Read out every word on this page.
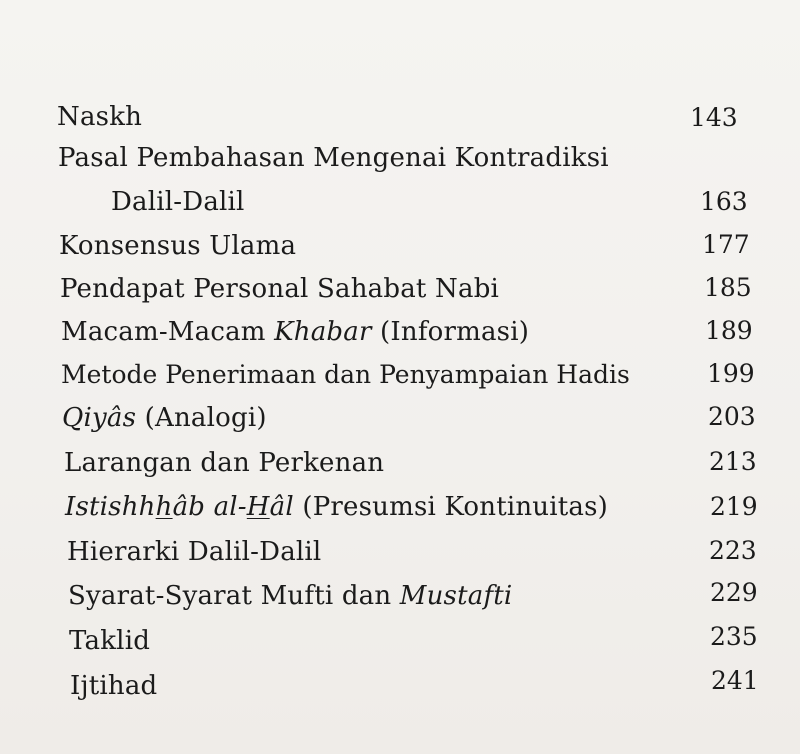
Naskh	143
Pasal Pembahasan Mengenai Kontradiksi
Dalil-Dalil	163
Konsensus Ulama	177
Pendapat Personal Sahabat Nabi	185
Macam-Macam Khabar (Informasi)	189
Metode Penerimaan dan Penyampaian Hadis	199
Qiyâs (Analogi)	203
Larangan dan Perkenan	213
Istishhhâb al-Hâl (Presumsi Kontinuitas)	219
Hierarki Dalil-Dalil	223
Syarat-Syarat Mufti dan Mustafti	229
Taklid	235
Ijtihad	241
